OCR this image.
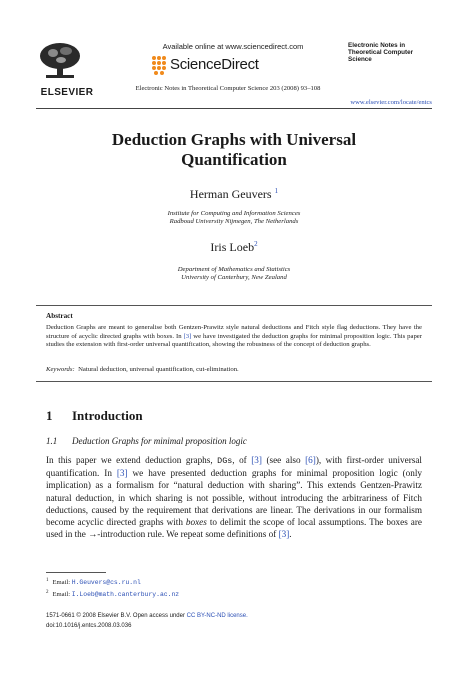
ELSEVIER
Available online at www.sciencedirect.com
ScienceDirect
Electronic Notes in Theoretical Computer Science 203 (2008) 93–108
Electronic Notes in Theoretical Computer Science
www.elsevier.com/locate/entcs
Deduction Graphs with Universal
Quantification
Herman Geuvers $^1$
Institute for Computing and Information Sciences
Radboud University Nijmegen, The Netherlands
Iris Loeb$^2$
Department of Mathematics and Statistics
University of Canterbury, New Zealand
Abstract
Deduction Graphs are meant to generalise both Gentzen-Prawitz style natural deductions and Fitch style flag deductions. They have the structure of acyclic directed graphs with boxes. In [3] we have investigated the deduction graphs for minimal proposition logic. This paper studies the extension with first-order universal quantification, showing the robustness of the concept of deduction graphs.
Keywords: Natural deduction, universal quantification, cut-elimination.
1 Introduction
1.1 Deduction Graphs for minimal proposition logic
In this paper we extend deduction graphs, DGs, of [3] (see also [6]), with first-order universal quantification. In [3] we have presented deduction graphs for minimal proposition logic (only implication) as a formalism for “natural deduction with sharing”. This extends Gentzen-Prawitz natural deduction, in which sharing is not possible, without introducing the arbitrariness of Fitch deductions, caused by the requirement that derivations are linear. The derivations in our formalism become acyclic directed graphs with boxes to delimit the scope of local assumptions. The boxes are used in the →-introduction rule. We repeat some definitions of [3].
$^1$ Email: H.Geuvers@cs.ru.nl
$^2$ Email: I.Loeb@math.canterbury.ac.nz
1571-0661 © 2008 Elsevier B.V. Open access under CC BY-NC-ND license.
doi:10.1016/j.entcs.2008.03.036
